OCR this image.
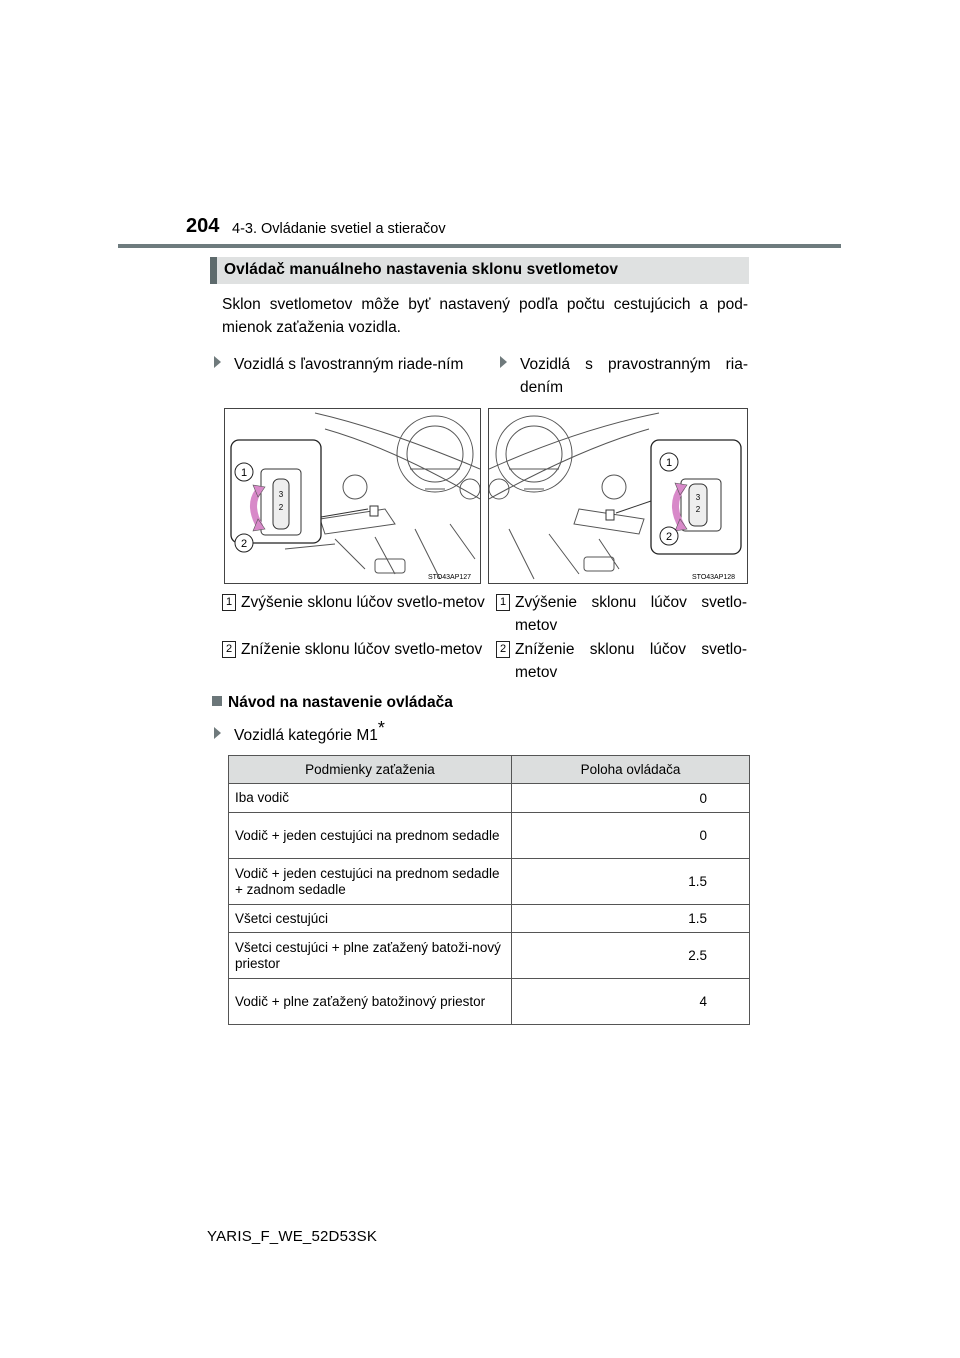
204 4-3. Ovládanie svetiel a stieračov
Ovládač manuálneho nastavenia sklonu svetlometov
Sklon svetlometov môže byť nastavený podľa počtu cestujúcich a pod-mienok zaťaženia vozidla.
Vozidlá s ľavostranným riade-ním	Vozidlá s pravostranným ria-dením
3
2
1
2
STO43AP127
3
2
1
2
STO43AP128
1 Zvýšenie sklonu lúčov svetlo-metov
2 Zníženie sklonu lúčov svetlo-metov
1 Zvýšenie sklonu lúčov svetlo-metov
2 Zníženie sklonu lúčov svetlo-metov
Návod na nastavenie ovládača
Vozidlá kategórie M1*
Podmienky zaťaženia	Poloha ovládača
Iba vodič	0
Vodič + jeden cestujúci na prednom sedadle	0
Vodič + jeden cestujúci na prednom sedadle + zadnom sedadle	1.5
Všetci cestujúci	1.5
Všetci cestujúci + plne zaťažený batoži-nový priestor	2.5
Vodič + plne zaťažený batožinový priestor	4
YARIS_F_WE_52D53SK
